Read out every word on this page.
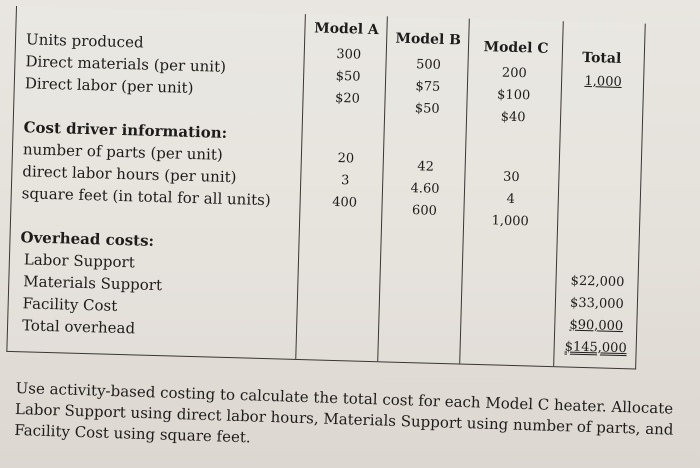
Model A
Model B	Model C
Total
Units produced
Direct materials (per unit)
Direct labor (per unit)
300
$50
$20
500
$75
$50
200
$100
$40
1,000
Cost driver information:
number of parts (per unit)
direct labor hours (per unit)
square feet (in total for all units)
20
3
400
42
4.60
600
30
4
1,000
Overhead costs:
Labor Support
Materials Support
Facility Cost
Total overhead
$22,000
$33,000
$90,000
$145,000
Use activity-based costing to calculate the total cost for each Model C heater. Allocate Labor Support using direct labor hours, Materials Support using number of parts, and Facility Cost using square feet.
